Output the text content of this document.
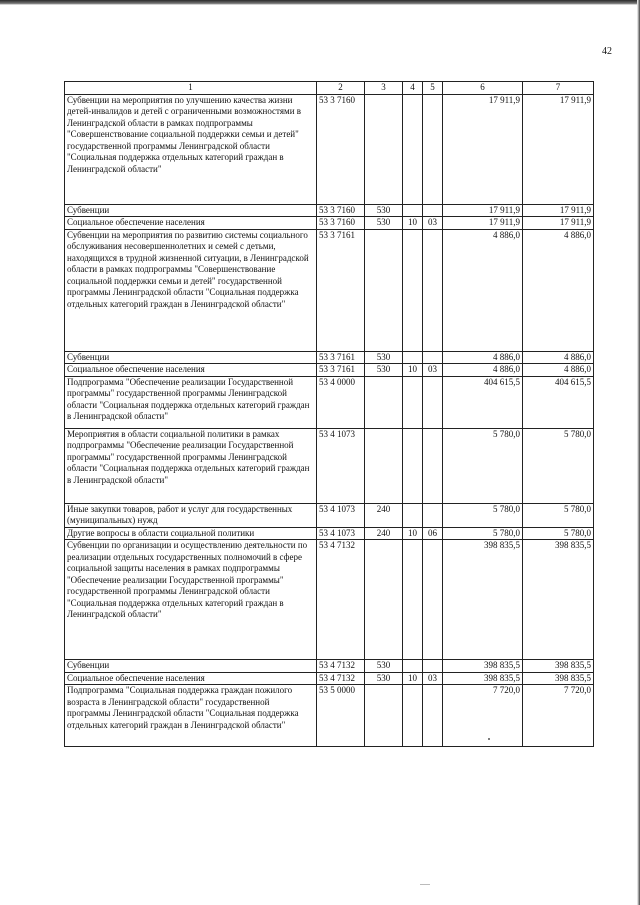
42
1	2	3	4	5	6	7
Субвенции на мероприятия по улучшению качества жизни детей-инвалидов и детей с ограниченными возможностями в Ленинградской области в рамках подпрограммы "Совершенствование социальной поддержки семьи и детей" государственной программы Ленинградской области "Социальная поддержка отдельных категорий граждан в Ленинградской области"	53 3 7160				17 911,9	17 911,9
Субвенции	53 3 7160	530			17 911,9	17 911,9
Социальное обеспечение населения	53 3 7160	530	10	03	17 911,9	17 911,9
Субвенции на мероприятия по развитию системы социального обслуживания несовершеннолетних и семей с детьми, находящихся в трудной жизненной ситуации, в Ленинградской области в рамках подпрограммы "Совершенствование социальной поддержки семьи и детей" государственной программы Ленинградской области "Социальная поддержка отдельных категорий граждан в Ленинградской области"	53 3 7161				4 886,0	4 886,0
Субвенции	53 3 7161	530			4 886,0	4 886,0
Социальное обеспечение населения	53 3 7161	530	10	03	4 886,0	4 886,0
Подпрограмма "Обеспечение реализации Государственной программы" государственной программы Ленинградской области "Социальная поддержка отдельных категорий граждан в Ленинградской области"	53 4 0000				404 615,5	404 615,5
Мероприятия в области социальной политики в рамках подпрограммы "Обеспечение реализации Государственной программы" государственной программы Ленинградской области "Социальная поддержка отдельных категорий граждан в Ленинградской области"	53 4 1073				5 780,0	5 780,0
Иные закупки товаров, работ и услуг для государственных (муниципальных) нужд	53 4 1073	240			5 780,0	5 780,0
Другие вопросы в области социальной политики	53 4 1073	240	10	06	5 780,0	5 780,0
Субвенции по организации и осуществлению деятельности по реализации отдельных государственных полномочий в сфере социальной защиты населения в рамках подпрограммы "Обеспечение реализации Государственной программы" государственной программы Ленинградской области "Социальная поддержка отдельных категорий граждан в Ленинградской области"	53 4 7132				398 835,5	398 835,5
Субвенции	53 4 7132	530			398 835,5	398 835,5
Социальное обеспечение населения	53 4 7132	530	10	03	398 835,5	398 835,5
Подпрограмма "Социальная поддержка граждан пожилого возраста в Ленинградской области" государственной программы Ленинградской области "Социальная поддержка отдельных категорий граждан в Ленинградской области"	53 5 0000				7 720,0	7 720,0
